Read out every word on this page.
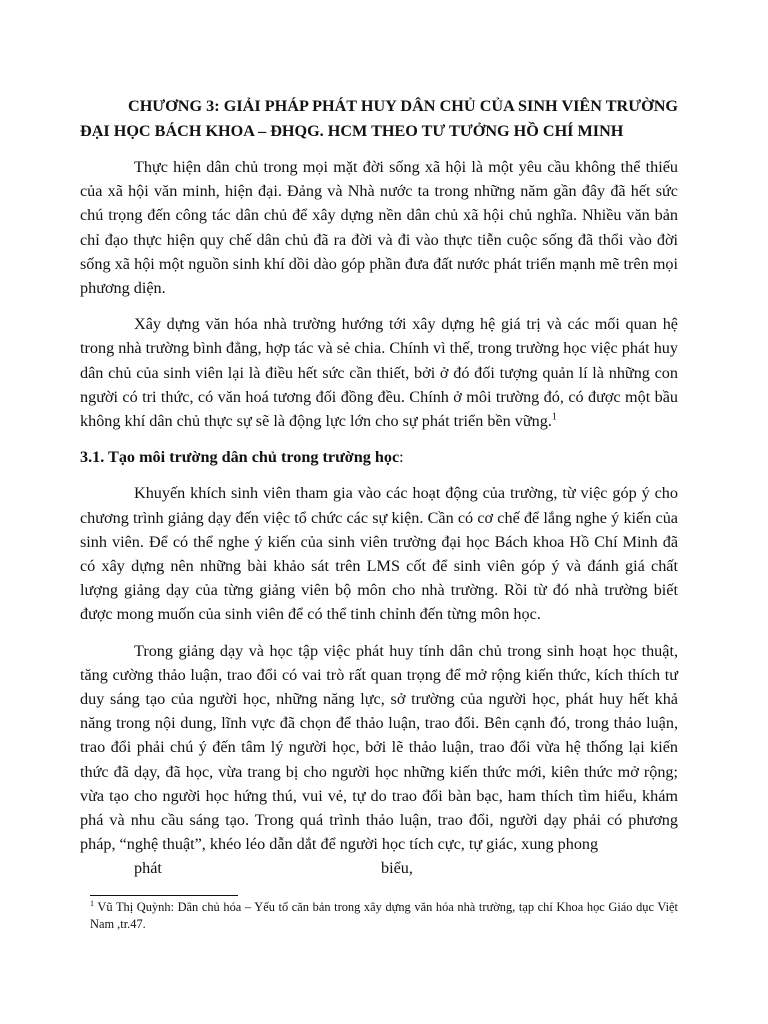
CHƯƠNG 3: GIẢI PHÁP PHÁT HUY DÂN CHỦ CỦA SINH VIÊN TRƯỜNG ĐẠI HỌC BÁCH KHOA – ĐHQG. HCM THEO TƯ TƯỞNG HỒ CHÍ MINH

Thực hiện dân chủ trong mọi mặt đời sống xã hội là một yêu cầu không thể thiếu của xã hội văn minh, hiện đại. Đảng và Nhà nước ta trong những năm gần đây đã hết sức chú trọng đến công tác dân chủ để xây dựng nền dân chủ xã hội chủ nghĩa. Nhiều văn bản chỉ đạo thực hiện quy chế dân chủ đã ra đời và đi vào thực tiễn cuộc sống đã thổi vào đời sống xã hội một nguồn sinh khí dồi dào góp phần đưa đất nước phát triển mạnh mẽ trên mọi phương diện.

Xây dựng văn hóa nhà trường hướng tới xây dựng hệ giá trị và các mối quan hệ trong nhà trường bình đẳng, hợp tác và sẻ chia. Chính vì thế, trong trường học việc phát huy dân chủ của sinh viên lại là điều hết sức cần thiết, bởi ở đó đối tượng quản lí là những con người có tri thức, có văn hoá tương đối đồng đều. Chính ở môi trường đó, có được một bầu không khí dân chủ thực sự sẽ là động lực lớn cho sự phát triển bền vững.$^1$

3.1. Tạo môi trường dân chủ trong trường học:

Khuyến khích sinh viên tham gia vào các hoạt động của trường, từ việc góp ý cho chương trình giảng dạy đến việc tổ chức các sự kiện. Cần có cơ chế để lắng nghe ý kiến của sinh viên. Để có thể nghe ý kiến của sinh viên trường đại học Bách khoa Hồ Chí Minh đã có xây dựng nên những bài khảo sát trên LMS cốt để sinh viên góp ý và đánh giá chất lượng giảng dạy của từng giảng viên bộ môn cho nhà trường. Rồi từ đó nhà trường biết được mong muốn của sinh viên để có thể tinh chỉnh đến từng môn học.

Trong giảng dạy và học tập việc phát huy tính dân chủ trong sinh hoạt học thuật, tăng cường thảo luận, trao đổi có vai trò rất quan trọng để mở rộng kiến thức, kích thích tư duy sáng tạo của người học, những năng lực, sở trường của người học, phát huy hết khả năng trong nội dung, lĩnh vực đã chọn để thảo luận, trao đổi. Bên cạnh đó, trong thảo luận, trao đổi phải chú ý đến tâm lý người học, bởi lẽ thảo luận, trao đổi vừa hệ thống lại kiến thức đã dạy, đã học, vừa trang bị cho người học những kiến thức mới, kiên thức mở rộng; vừa tạo cho người học hứng thú, vui vẻ, tự do trao đổi bàn bạc, ham thích tìm hiểu, khám phá và nhu cầu sáng tạo. Trong quá trình thảo luận, trao đổi, người dạy phải có phương pháp, “nghệ thuật”, khéo léo dẫn dắt để người học tích cực, tự giác, xung phong

phát	biểu,

$^1$ Vũ Thị Quỳnh: Dân chủ hóa – Yếu tố căn bản trong xây dựng văn hóa nhà trường, tạp chí Khoa học Giáo dục Việt Nam ,tr.47.
